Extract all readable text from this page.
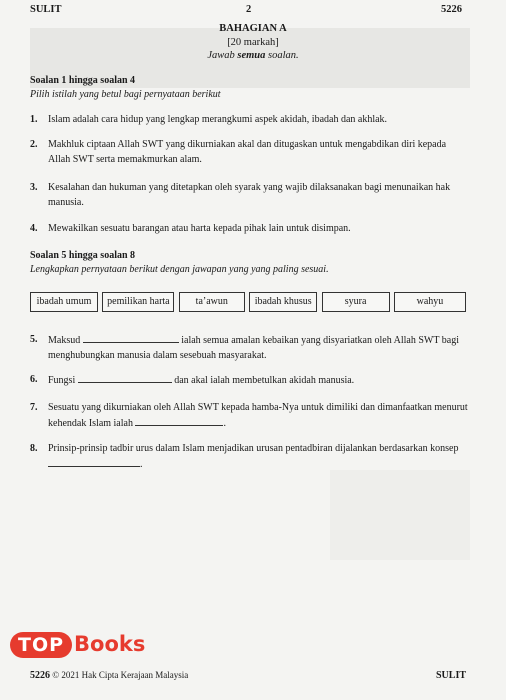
SULIT	2	5226
BAHAGIAN A
[20 markah]
Jawab semua soalan.
Soalan 1 hingga soalan 4
Pilih istilah yang betul bagi pernyataan berikut
1.	Islam adalah cara hidup yang lengkap merangkumi aspek akidah, ibadah dan akhlak.
2.	Makhluk ciptaan Allah SWT yang dikurniakan akal dan ditugaskan untuk mengabdikan diri kepada Allah SWT serta memakmurkan alam.
3.	Kesalahan dan hukuman yang ditetapkan oleh syarak yang wajib dilaksanakan bagi menunaikan hak manusia.
4.	Mewakilkan sesuatu barangan atau harta kepada pihak lain untuk disimpan.
Soalan 5 hingga soalan 8
Lengkapkan pernyataan berikut dengan jawapan yang yang paling sesuai.
ibadah umum	pemilikan harta	ta’awun	ibadah khusus	syura	wahyu
5.	Maksud	ialah semua amalan kebaikan yang disyariatkan oleh Allah SWT bagi menghubungkan manusia dalam sesebuah masyarakat.
6.	Fungsi	dan akal ialah membetulkan akidah manusia.
7.	Sesuatu yang dikurniakan oleh Allah SWT kepada hamba-Nya untuk dimiliki dan dimanfaatkan menurut kehendak Islam ialah	.
8.	Prinsip-prinsip tadbir urus dalam Islam menjadikan urusan pentadbiran dijalankan berdasarkan konsep .
TOP Books
5226 © 2021 Hak Cipta Kerajaan Malaysia	SULIT
